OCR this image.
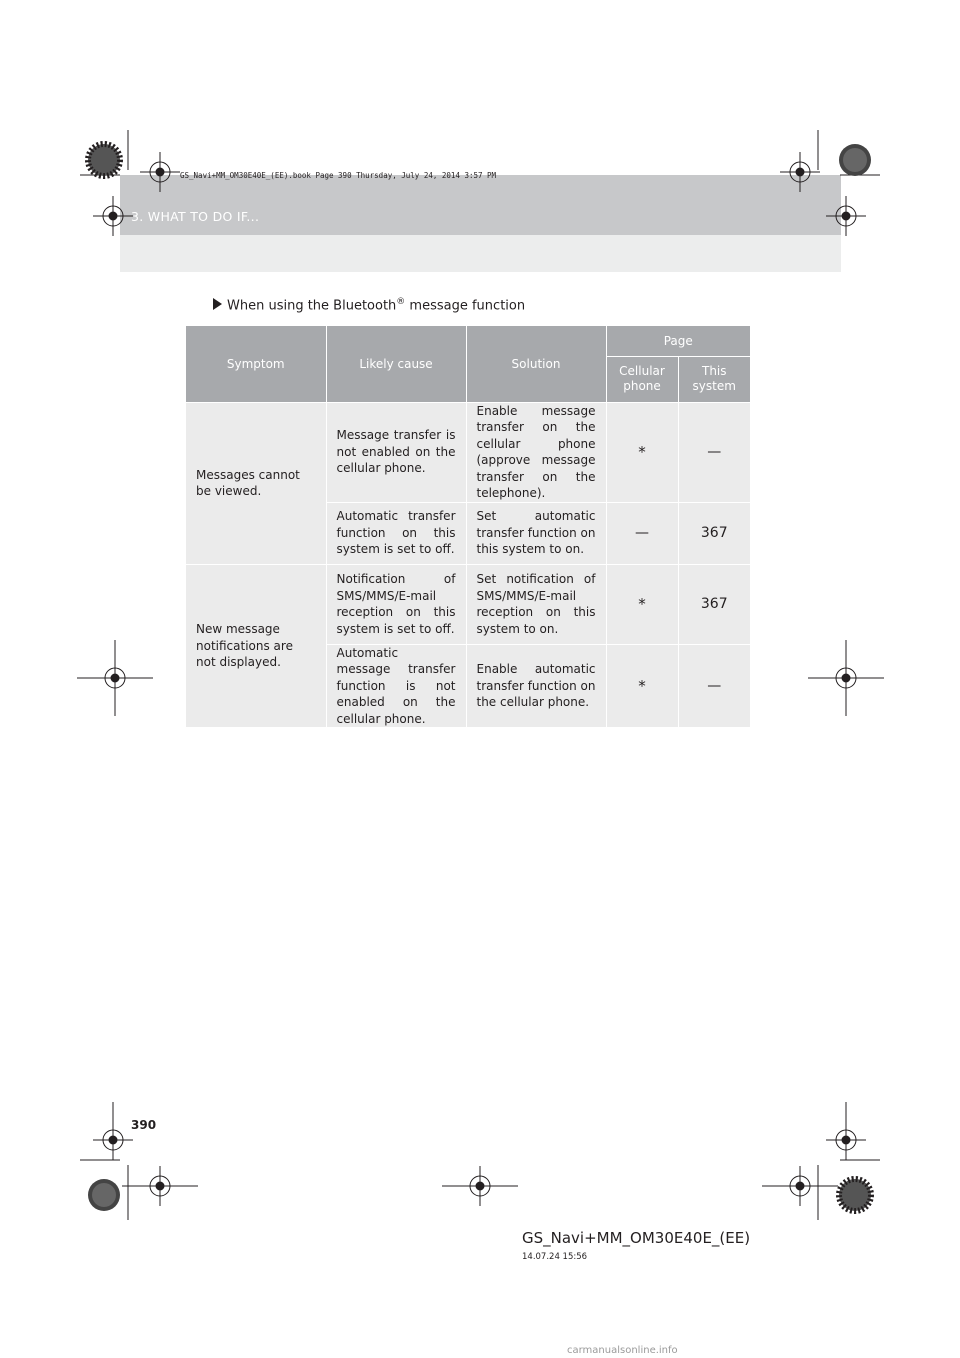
3. WHAT TO DO IF...
GS_Navi+MM_OM30E40E_(EE).book Page 390 Thursday, July 24, 2014 3:57 PM
When using the Bluetooth® message function
Symptom	Likely cause	Solution	Page	
			Cellular phone	This system
Messages cannot be viewed.	Message transfer is not enabled on the cellular phone.	Enable message transfer on the cellular phone (approve message transfer on the telephone).	*	—
	Automatic transfer function on this system is set to off.	Set automatic transfer function on this system to on.	—	367
New message notifications are not displayed.	Notification of SMS/MMS/E-mail reception on this system is set to off.	Set notification of SMS/MMS/E-mail reception on this system to on.	*	367
	Automatic message transfer function is not enabled on the cellular phone.	Enable automatic transfer function on the cellular phone.	*	—
390
GS_Navi+MM_OM30E40E_(EE)
14.07.24 15:56
carmanualsonline.info
